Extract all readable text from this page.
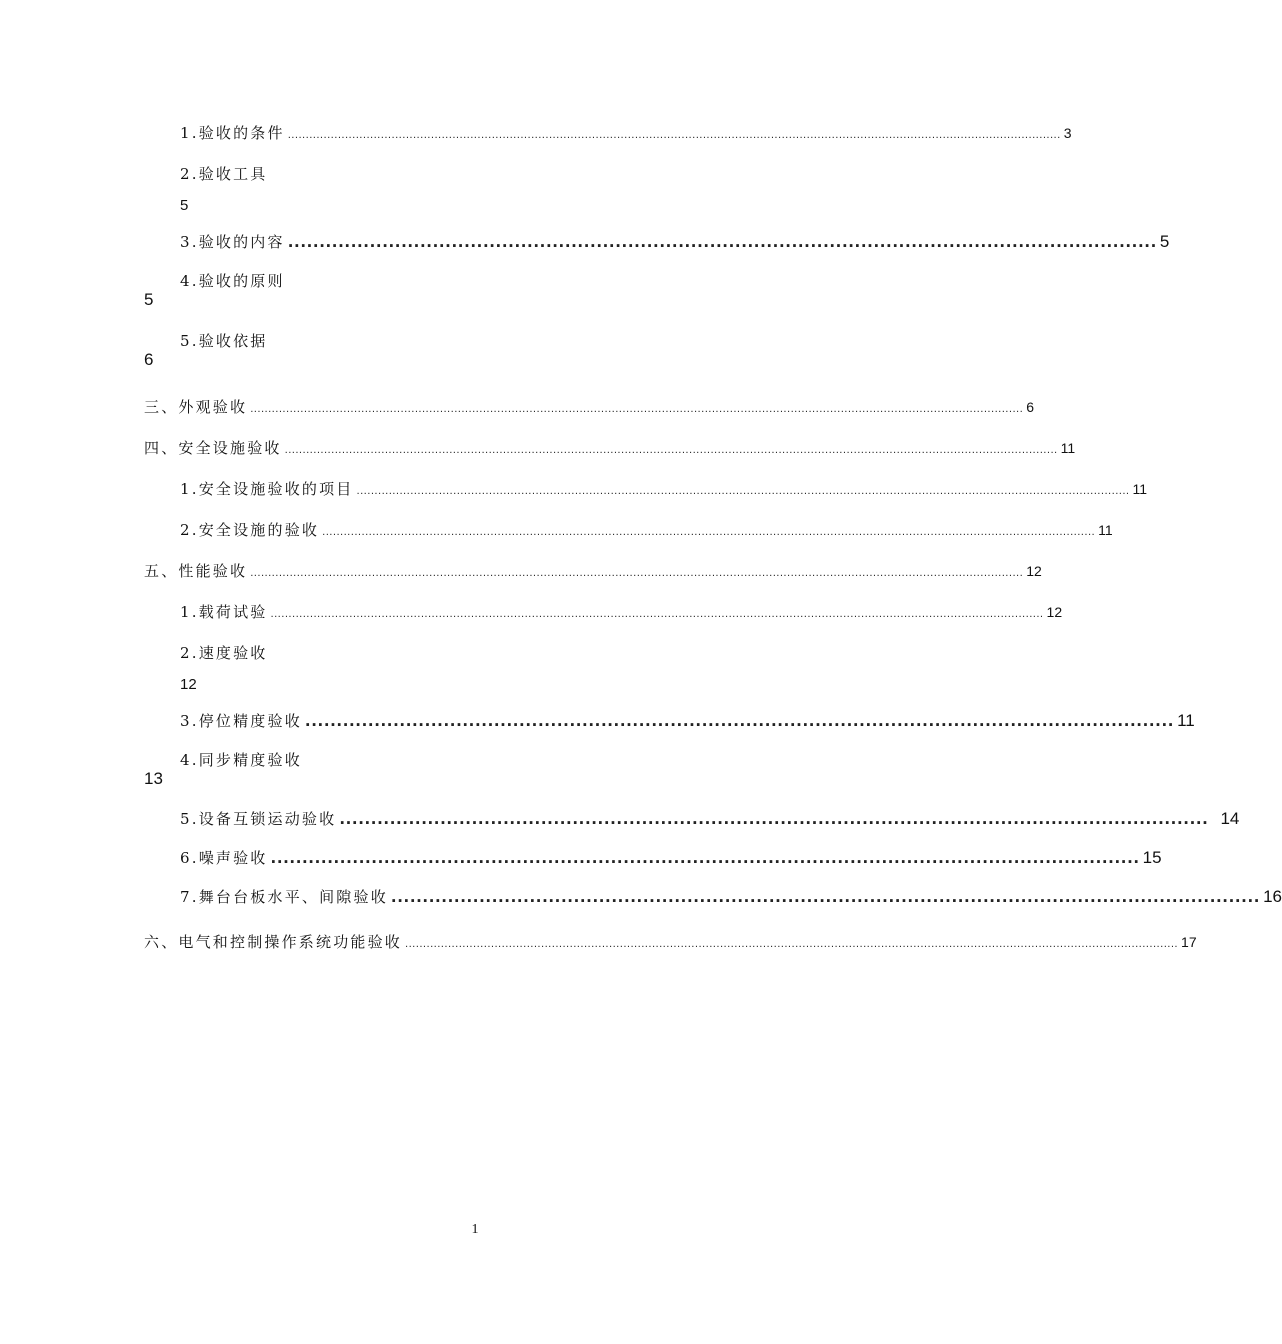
1.验收的条件 ........................................................................................................................................................................................................................ 3
2.验收工具
5
3.验收的内容 .......................................................................................................................................... 5
4.验收的原则
5
5.验收依据
6
三、外观验收 ........................................................................................................................................................................................................................ 6
四、安全设施验收 ........................................................................................................................................................................................................................ 11
1.安全设施验收的项目 ........................................................................................................................................................................................................................ 11
2.安全设施的验收 ........................................................................................................................................................................................................................ 11
五、性能验收 ........................................................................................................................................................................................................................ 12
1.载荷试验 ........................................................................................................................................................................................................................ 12
2.速度验收
12
3.停位精度验收 .......................................................................................................................................... 11
4.同步精度验收
13
5.设备互锁运动验收 .......................................................................................................................................... 14
6.噪声验收 .......................................................................................................................................... 15
7.舞台台板水平、间隙验收 .......................................................................................................................................... 16
六、电气和控制操作系统功能验收 ........................................................................................................................................................................................................................ 17
1
